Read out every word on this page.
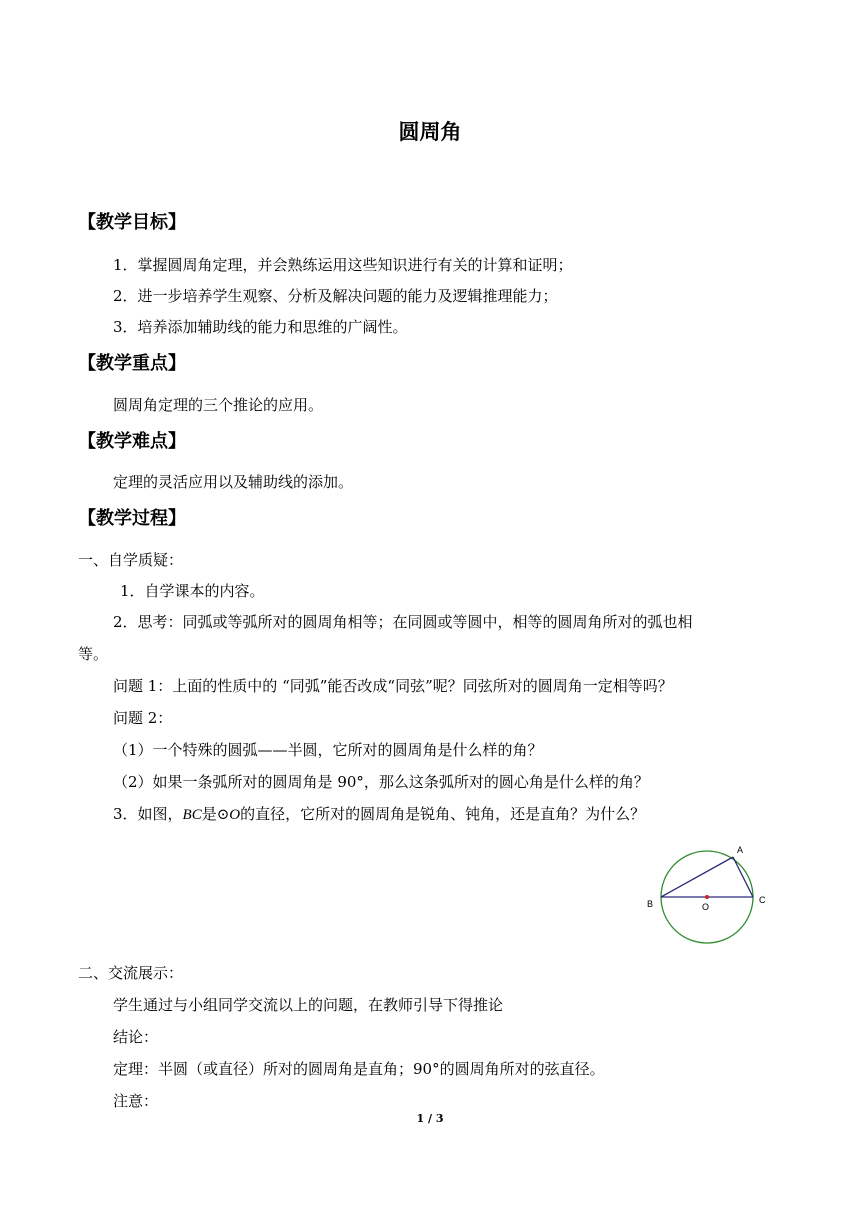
圆周角
【教学目标】
1．掌握圆周角定理，并会熟练运用这些知识进行有关的计算和证明；
2．进一步培养学生观察、分析及解决问题的能力及逻辑推理能力；
3．培养添加辅助线的能力和思维的广阔性。
【教学重点】
圆周角定理的三个推论的应用。
【教学难点】
定理的灵活应用以及辅助线的添加。
【教学过程】
一、自学质疑：
1．自学课本的内容。
2．思考：同弧或等弧所对的圆周角相等；在同圆或等圆中，相等的圆周角所对的弧也相
等。
问题 1：上面的性质中的 “同弧”能否改成“同弦”呢？同弦所对的圆周角一定相等吗？
问题 2：
（1）一个特殊的圆弧——半圆，它所对的圆周角是什么样的角？
（2）如果一条弧所对的圆周角是 90°，那么这条弧所对的圆心角是什么样的角？
3．如图，BC是⊙O的直径，它所对的圆周角是锐角、钝角，还是直角？为什么？
A
B	C
O
二、交流展示：
学生通过与小组同学交流以上的问题，在教师引导下得推论
结论：
定理：半圆（或直径）所对的圆周角是直角；90°的圆周角所对的弦直径。
注意：
1 / 3
